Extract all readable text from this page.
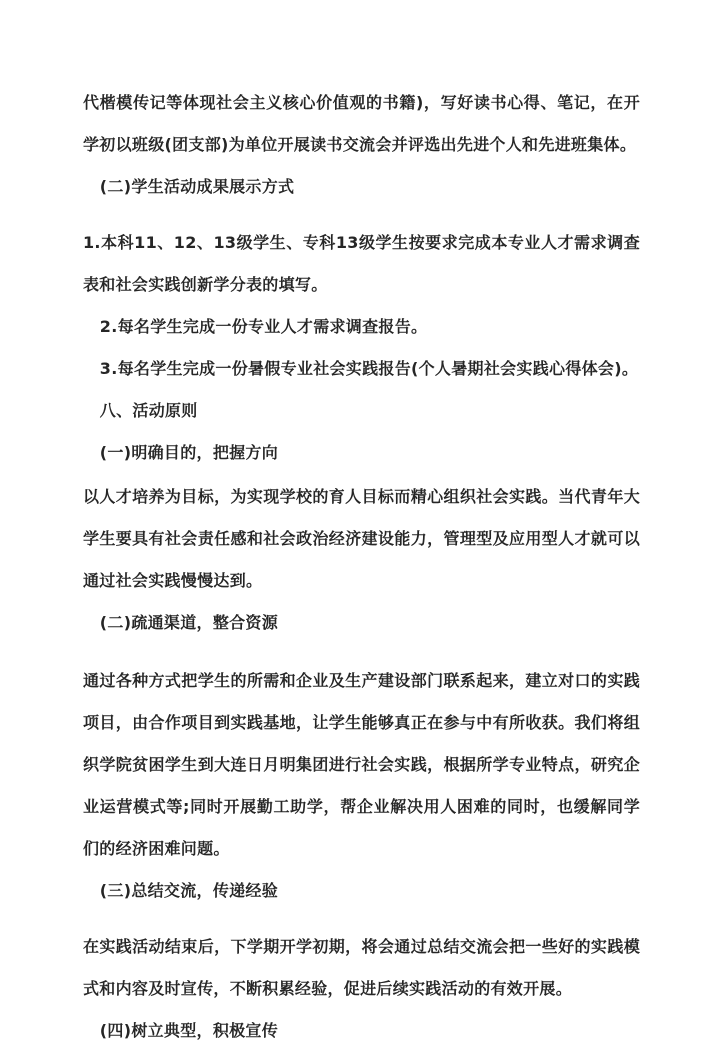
代楷模传记等体现社会主义核心价值观的书籍)，写好读书心得、笔记，在开学初以班级(团支部)为单位开展读书交流会并评选出先进个人和先进班集体。

(二)学生活动成果展示方式

1.本科11、12、13级学生、专科13级学生按要求完成本专业人才需求调查表和社会实践创新学分表的填写。

2.每名学生完成一份专业人才需求调查报告。

3.每名学生完成一份暑假专业社会实践报告(个人暑期社会实践心得体会)。

八、活动原则

(一)明确目的，把握方向

以人才培养为目标，为实现学校的育人目标而精心组织社会实践。当代青年大学生要具有社会责任感和社会政治经济建设能力，管理型及应用型人才就可以通过社会实践慢慢达到。

(二)疏通渠道，整合资源

通过各种方式把学生的所需和企业及生产建设部门联系起来，建立对口的实践项目，由合作项目到实践基地，让学生能够真正在参与中有所收获。我们将组织学院贫困学生到大连日月明集团进行社会实践，根据所学专业特点，研究企业运营模式等;同时开展勤工助学，帮企业解决用人困难的同时，也缓解同学们的经济困难问题。

(三)总结交流，传递经验

在实践活动结束后，下学期开学初期，将会通过总结交流会把一些好的实践模式和内容及时宣传，不断积累经验，促进后续实践活动的有效开展。

(四)树立典型，积极宣传
